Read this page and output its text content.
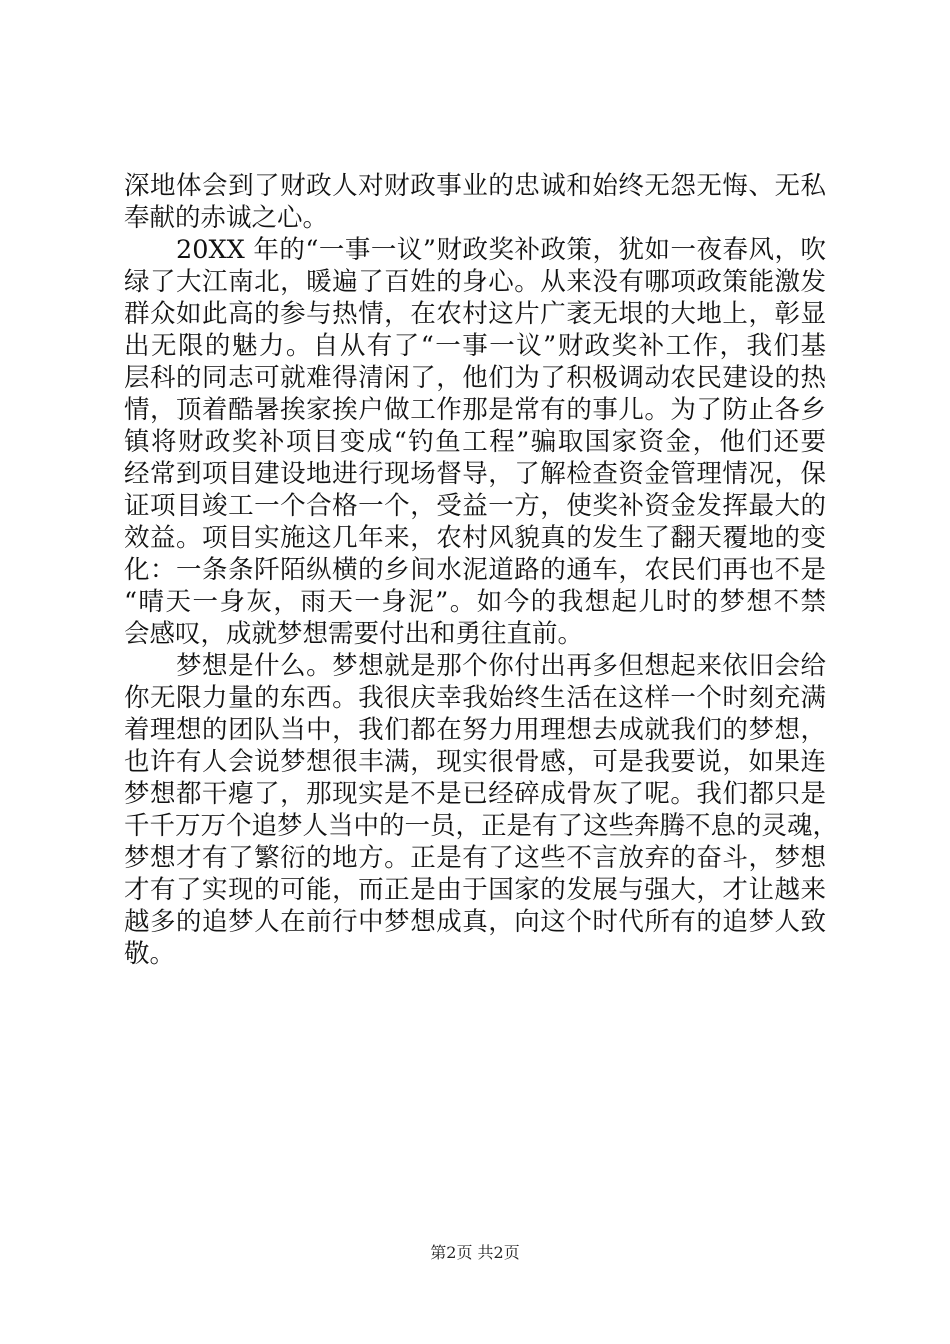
深地体会到了财政人对财政事业的忠诚和始终无怨无悔、无私
奉献的赤诚之心。
20XX 年的“一事一议”财政奖补政策，犹如一夜春风，吹
绿了大江南北，暖遍了百姓的身心。从来没有哪项政策能激发
群众如此高的参与热情，在农村这片广袤无垠的大地上，彰显
出无限的魅力。自从有了“一事一议”财政奖补工作，我们基
层科的同志可就难得清闲了，他们为了积极调动农民建设的热
情，顶着酷暑挨家挨户做工作那是常有的事儿。为了防止各乡
镇将财政奖补项目变成“钓鱼工程”骗取国家资金，他们还要
经常到项目建设地进行现场督导，了解检查资金管理情况，保
证项目竣工一个合格一个，受益一方，使奖补资金发挥最大的
效益。项目实施这几年来，农村风貌真的发生了翻天覆地的变
化：一条条阡陌纵横的乡间水泥道路的通车，农民们再也不是
“晴天一身灰，雨天一身泥”。如今的我想起儿时的梦想不禁
会感叹，成就梦想需要付出和勇往直前。
梦想是什么。梦想就是那个你付出再多但想起来依旧会给
你无限力量的东西。我很庆幸我始终生活在这样一个时刻充满
着理想的团队当中，我们都在努力用理想去成就我们的梦想，
也许有人会说梦想很丰满，现实很骨感，可是我要说，如果连
梦想都干瘪了，那现实是不是已经碎成骨灰了呢。我们都只是
千千万万个追梦人当中的一员，正是有了这些奔腾不息的灵魂，
梦想才有了繁衍的地方。正是有了这些不言放弃的奋斗，梦想
才有了实现的可能，而正是由于国家的发展与强大，才让越来
越多的追梦人在前行中梦想成真，向这个时代所有的追梦人致
敬。
第2页 共2页
